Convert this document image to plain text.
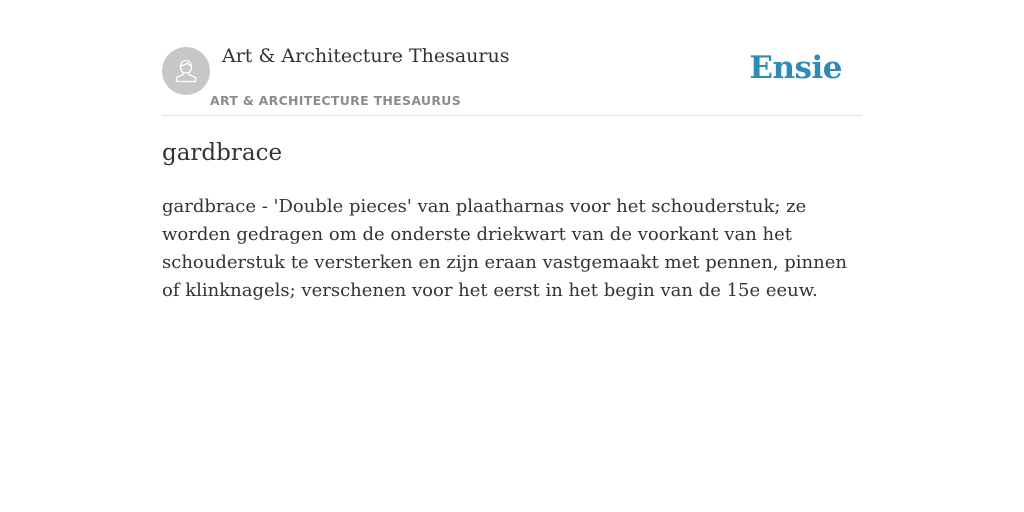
Art & Architecture Thesaurus
ART & ARCHITECTURE THESAURUS
Ensie
gardbrace

gardbrace - 'Double pieces' van plaatharnas voor het schouderstuk; ze worden gedragen om de onderste driekwart van de voorkant van het schouderstuk te versterken en zijn eraan vastgemaakt met pennen, pinnen of klinknagels; verschenen voor het eerst in het begin van de 15e eeuw.
